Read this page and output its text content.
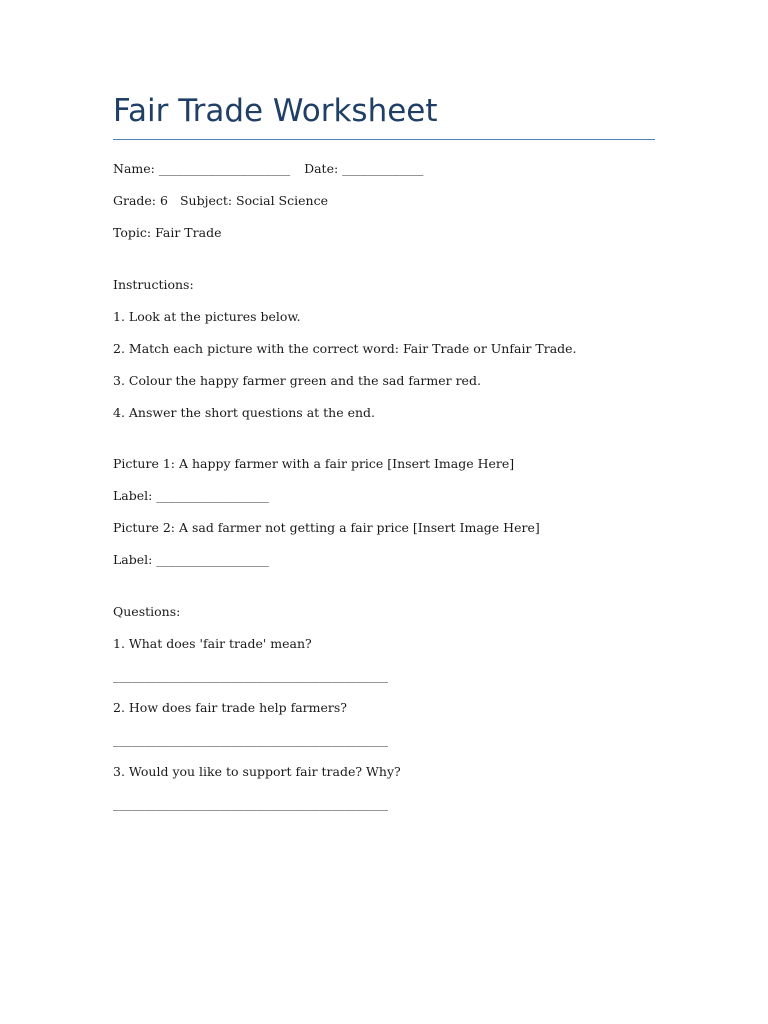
Fair Trade Worksheet
Name: _____________________ Date: _____________
Grade: 6 Subject: Social Science
Topic: Fair Trade
Instructions:
1. Look at the pictures below.
2. Match each picture with the correct word: Fair Trade or Unfair Trade.
3. Colour the happy farmer green and the sad farmer red.
4. Answer the short questions at the end.
Picture 1: A happy farmer with a fair price [Insert Image Here]
Label: __________________
Picture 2: A sad farmer not getting a fair price [Insert Image Here]
Label: __________________
Questions:
1. What does 'fair trade' mean?
____________________________________________
2. How does fair trade help farmers?
____________________________________________
3. Would you like to support fair trade? Why?
____________________________________________
